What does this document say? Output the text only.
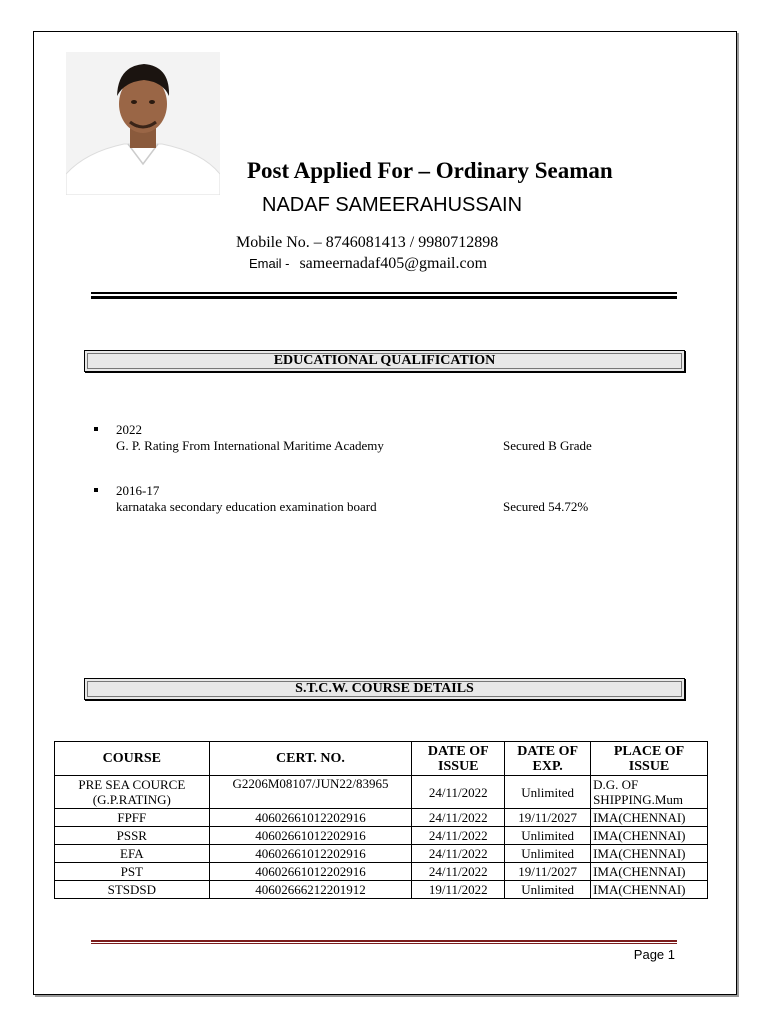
Post Applied For – Ordinary Seaman
NADAF SAMEERAHUSSAIN
Mobile No. – 8746081413 / 9980712898
Email - sameernadaf405@gmail.com
EDUCATIONAL QUALIFICATION
2022
G. P. Rating From International Maritime Academy	Secured B Grade
2016-17
karnataka secondary education examination board	Secured 54.72%
S.T.C.W. COURSE DETAILS
COURSE	CERT. NO.	DATE OF ISSUE	DATE OF EXP.	PLACE OF ISSUE
PRE SEA COURCE (G.P.RATING)	G2206M08107/JUN22/83965	24/11/2022	Unlimited	D.G. OF SHIPPING.Mum
FPFF	40602661012202916	24/11/2022	19/11/2027	IMA(CHENNAI)
PSSR	40602661012202916	24/11/2022	Unlimited	IMA(CHENNAI)
EFA	40602661012202916	24/11/2022	Unlimited	IMA(CHENNAI)
PST	40602661012202916	24/11/2022	19/11/2027	IMA(CHENNAI)
STSDSD	40602666212201912	19/11/2022	Unlimited	IMA(CHENNAI)
Page 1
